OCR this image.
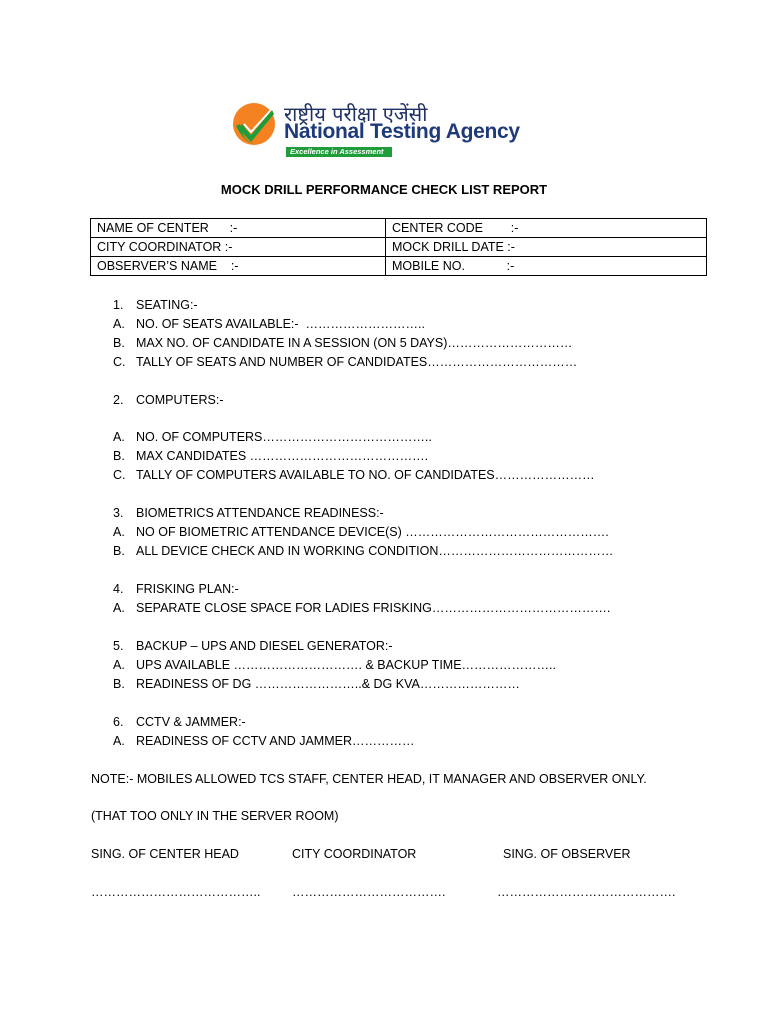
राष्ट्रीय परीक्षा एजेंसी
National Testing Agency
Excellence in Assessment
MOCK DRILL PERFORMANCE CHECK LIST REPORT
NAME OF CENTER      :-	CENTER CODE        :-
CITY COORDINATOR :-	MOCK DRILL DATE :-
OBSERVER’S NAME    :-	MOBILE NO.            :-
1. SEATING:-
A. NO. OF SEATS AVAILABLE:-  ………………………..
B. MAX NO. OF CANDIDATE IN A SESSION (ON 5 DAYS)…………………………
C. TALLY OF SEATS AND NUMBER OF CANDIDATES………………………………
2. COMPUTERS:-
A. NO. OF COMPUTERS…………………………………..
B. MAX CANDIDATES …………………………………….
C. TALLY OF COMPUTERS AVAILABLE TO NO. OF CANDIDATES……………………
3. BIOMETRICS ATTENDANCE READINESS:-
A. NO OF BIOMETRIC ATTENDANCE DEVICE(S) ………………………………………….
B. ALL DEVICE CHECK AND IN WORKING CONDITION……………………………………
4. FRISKING PLAN:-
A. SEPARATE CLOSE SPACE FOR LADIES FRISKING…………………………………….
5. BACKUP – UPS AND DIESEL GENERATOR:-
A. UPS AVAILABLE …………………………. & BACKUP TIME…………………..
B. READINESS OF DG ……………………..& DG KVA……………………
6. CCTV & JAMMER:-
A. READINESS OF CCTV AND JAMMER……………
NOTE:- MOBILES ALLOWED TCS STAFF, CENTER HEAD, IT MANAGER AND OBSERVER ONLY.
(THAT TOO ONLY IN THE SERVER ROOM)
SING. OF CENTER HEAD	CITY COORDINATOR	SING. OF OBSERVER
…………………………………..	……………………………….	…………………………………….
